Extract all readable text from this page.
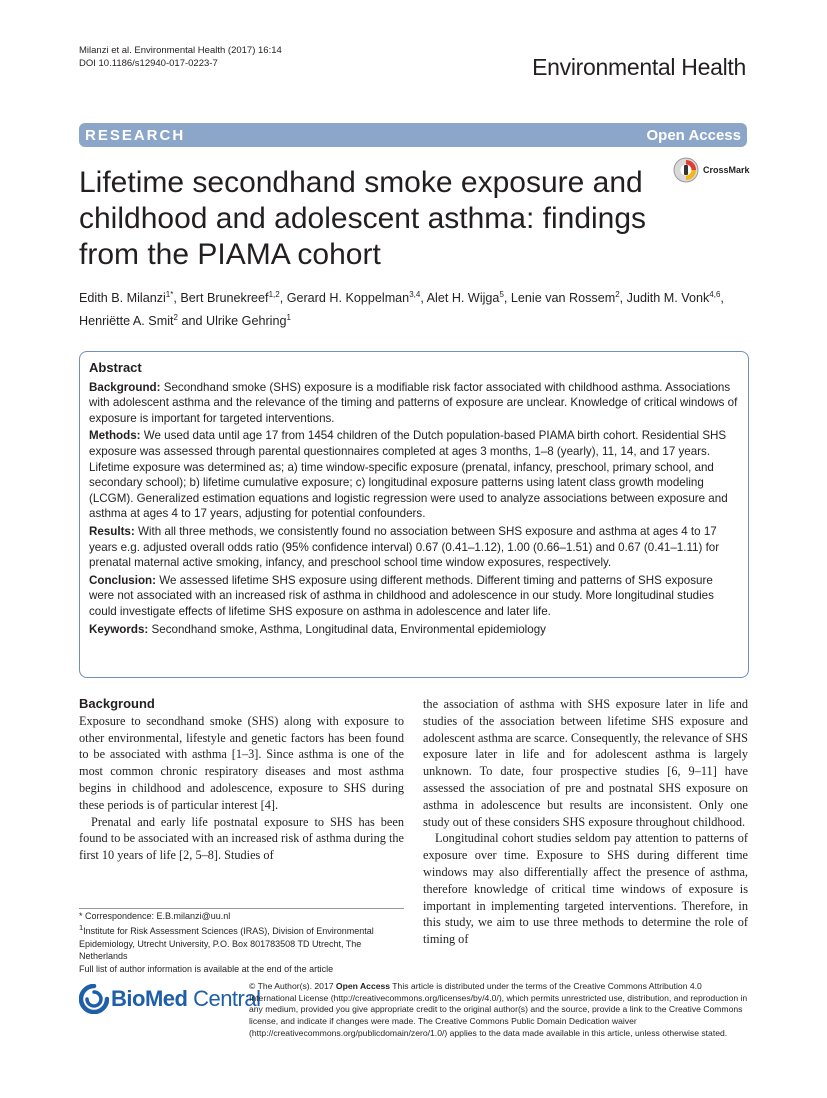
Milanzi et al. Environmental Health (2017) 16:14
DOI 10.1186/s12940-017-0223-7	Environmental Health
RESEARCH	Open Access
Lifetime secondhand smoke exposure and childhood and adolescent asthma: findings from the PIAMA cohort
CrossMark
Edith B. Milanzi$^{1*}$, Bert Brunekreef$^{1,2}$, Gerard H. Koppelman$^{3,4}$, Alet H. Wijga$^5$, Lenie van Rossem$^2$, Judith M. Vonk$^{4,6}$, Henriëtte A. Smit$^2$ and Ulrike Gehring$^1$
Abstract

Background: Secondhand smoke (SHS) exposure is a modifiable risk factor associated with childhood asthma. Associations with adolescent asthma and the relevance of the timing and patterns of exposure are unclear. Knowledge of critical windows of exposure is important for targeted interventions.

Methods: We used data until age 17 from 1454 children of the Dutch population-based PIAMA birth cohort. Residential SHS exposure was assessed through parental questionnaires completed at ages 3 months, 1–8 (yearly), 11, 14, and 17 years. Lifetime exposure was determined as; a) time window-specific exposure (prenatal, infancy, preschool, primary school, and secondary school); b) lifetime cumulative exposure; c) longitudinal exposure patterns using latent class growth modeling (LCGM). Generalized estimation equations and logistic regression were used to analyze associations between exposure and asthma at ages 4 to 17 years, adjusting for potential confounders.

Results: With all three methods, we consistently found no association between SHS exposure and asthma at ages 4 to 17 years e.g. adjusted overall odds ratio (95% confidence interval) 0.67 (0.41–1.12), 1.00 (0.66–1.51) and 0.67 (0.41–1.11) for prenatal maternal active smoking, infancy, and preschool school time window exposures, respectively.

Conclusion: We assessed lifetime SHS exposure using different methods. Different timing and patterns of SHS exposure were not associated with an increased risk of asthma in childhood and adolescence in our study. More longitudinal studies could investigate effects of lifetime SHS exposure on asthma in adolescence and later life.

Keywords: Secondhand smoke, Asthma, Longitudinal data, Environmental epidemiology

Background

Exposure to secondhand smoke (SHS) along with exposure to other environmental, lifestyle and genetic factors has been found to be associated with asthma [1–3]. Since asthma is one of the most common chronic respiratory diseases and most asthma begins in childhood and adolescence, exposure to SHS during these periods is of particular interest [4].

Prenatal and early life postnatal exposure to SHS has been found to be associated with an increased risk of asthma during the first 10 years of life [2, 5–8]. Studies of

the association of asthma with SHS exposure later in life and studies of the association between lifetime SHS exposure and adolescent asthma are scarce. Consequently, the relevance of SHS exposure later in life and for adolescent asthma is largely unknown. To date, four prospective studies [6, 9–11] have assessed the association of pre and postnatal SHS exposure on asthma in adolescence but results are inconsistent. Only one study out of these considers SHS exposure throughout childhood.

Longitudinal cohort studies seldom pay attention to patterns of exposure over time. Exposure to SHS during different time windows may also differentially affect the presence of asthma, therefore knowledge of critical time windows of exposure is important in implementing targeted interventions. Therefore, in this study, we aim to use three methods to determine the role of timing of

* Correspondence: E.B.milanzi@uu.nl

$^1$Institute for Risk Assessment Sciences (IRAS), Division of Environmental Epidemiology, Utrecht University, P.O. Box 801783508 TD Utrecht, The Netherlands

Full list of author information is available at the end of the article

BioMed Central
© The Author(s). 2017 Open Access This article is distributed under the terms of the Creative Commons Attribution 4.0 International License (http://creativecommons.org/licenses/by/4.0/), which permits unrestricted use, distribution, and reproduction in any medium, provided you give appropriate credit to the original author(s) and the source, provide a link to the Creative Commons license, and indicate if changes were made. The Creative Commons Public Domain Dedication waiver (http://creativecommons.org/publicdomain/zero/1.0/) applies to the data made available in this article, unless otherwise stated.
